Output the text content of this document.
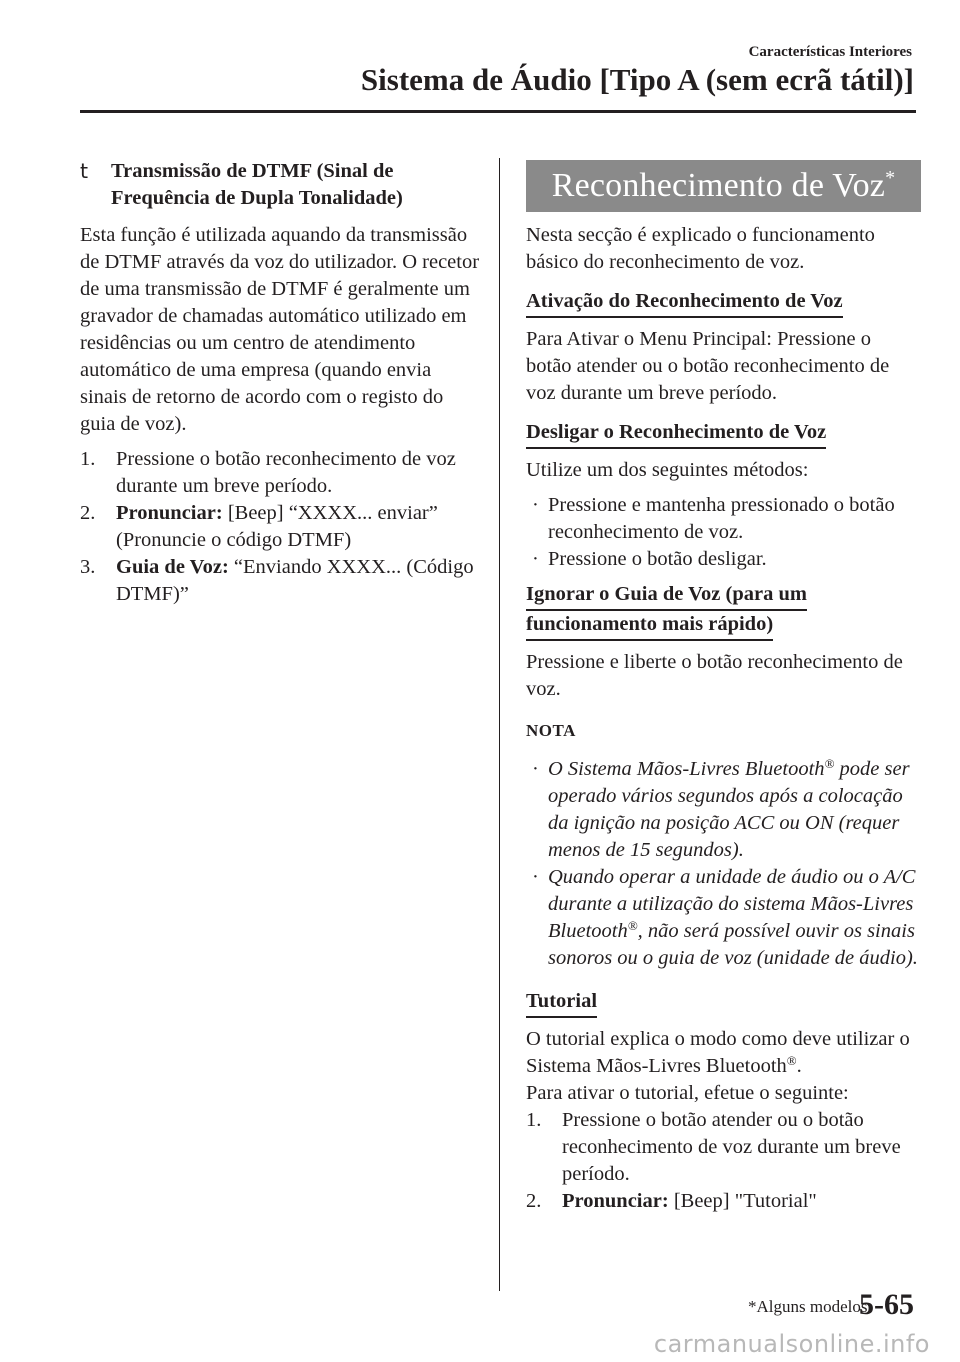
Características Interiores
Sistema de Áudio [Tipo A (sem ecrã tátil)]
t Transmissão de DTMF (Sinal de Frequência de Dupla Tonalidade)

Esta função é utilizada aquando da transmissão de DTMF através da voz do utilizador. O recetor de uma transmissão de DTMF é geralmente um gravador de chamadas automático utilizado em residências ou um centro de atendimento automático de uma empresa (quando envia sinais de retorno de acordo com o registo do guia de voz).

1. Pressione o botão reconhecimento de voz durante um breve período.
2. Pronunciar: [Beep] “XXXX... enviar” (Pronuncie o código DTMF)
3. Guia de Voz: “Enviando XXXX... (Código DTMF)”
Reconhecimento de Voz*

Nesta secção é explicado o funcionamento básico do reconhecimento de voz.

Ativação do Reconhecimento de Voz

Para Ativar o Menu Principal: Pressione o botão atender ou o botão reconhecimento de voz durante um breve período.

Desligar o Reconhecimento de Voz

Utilize um dos seguintes métodos:

· Pressione e mantenha pressionado o botão reconhecimento de voz.
· Pressione o botão desligar.
Ignorar o Guia de Voz (para um
funcionamento mais rápido)

Pressione e liberte o botão reconhecimento de voz.

NOTA
· O Sistema Mãos-Livres Bluetooth® pode ser operado vários segundos após a colocação da ignição na posição ACC ou ON (requer menos de 15 segundos).
· Quando operar a unidade de áudio ou o A/C durante a utilização do sistema Mãos-Livres Bluetooth®, não será possível ouvir os sinais sonoros ou o guia de voz (unidade de áudio).
Tutorial

O tutorial explica o modo como deve utilizar o Sistema Mãos-Livres Bluetooth®.

Para ativar o tutorial, efetue o seguinte:

1. Pressione o botão atender ou o botão reconhecimento de voz durante um breve período.
2. Pronunciar: [Beep] "Tutorial"
*Alguns modelos.
5-65
carmanualsonline.info
